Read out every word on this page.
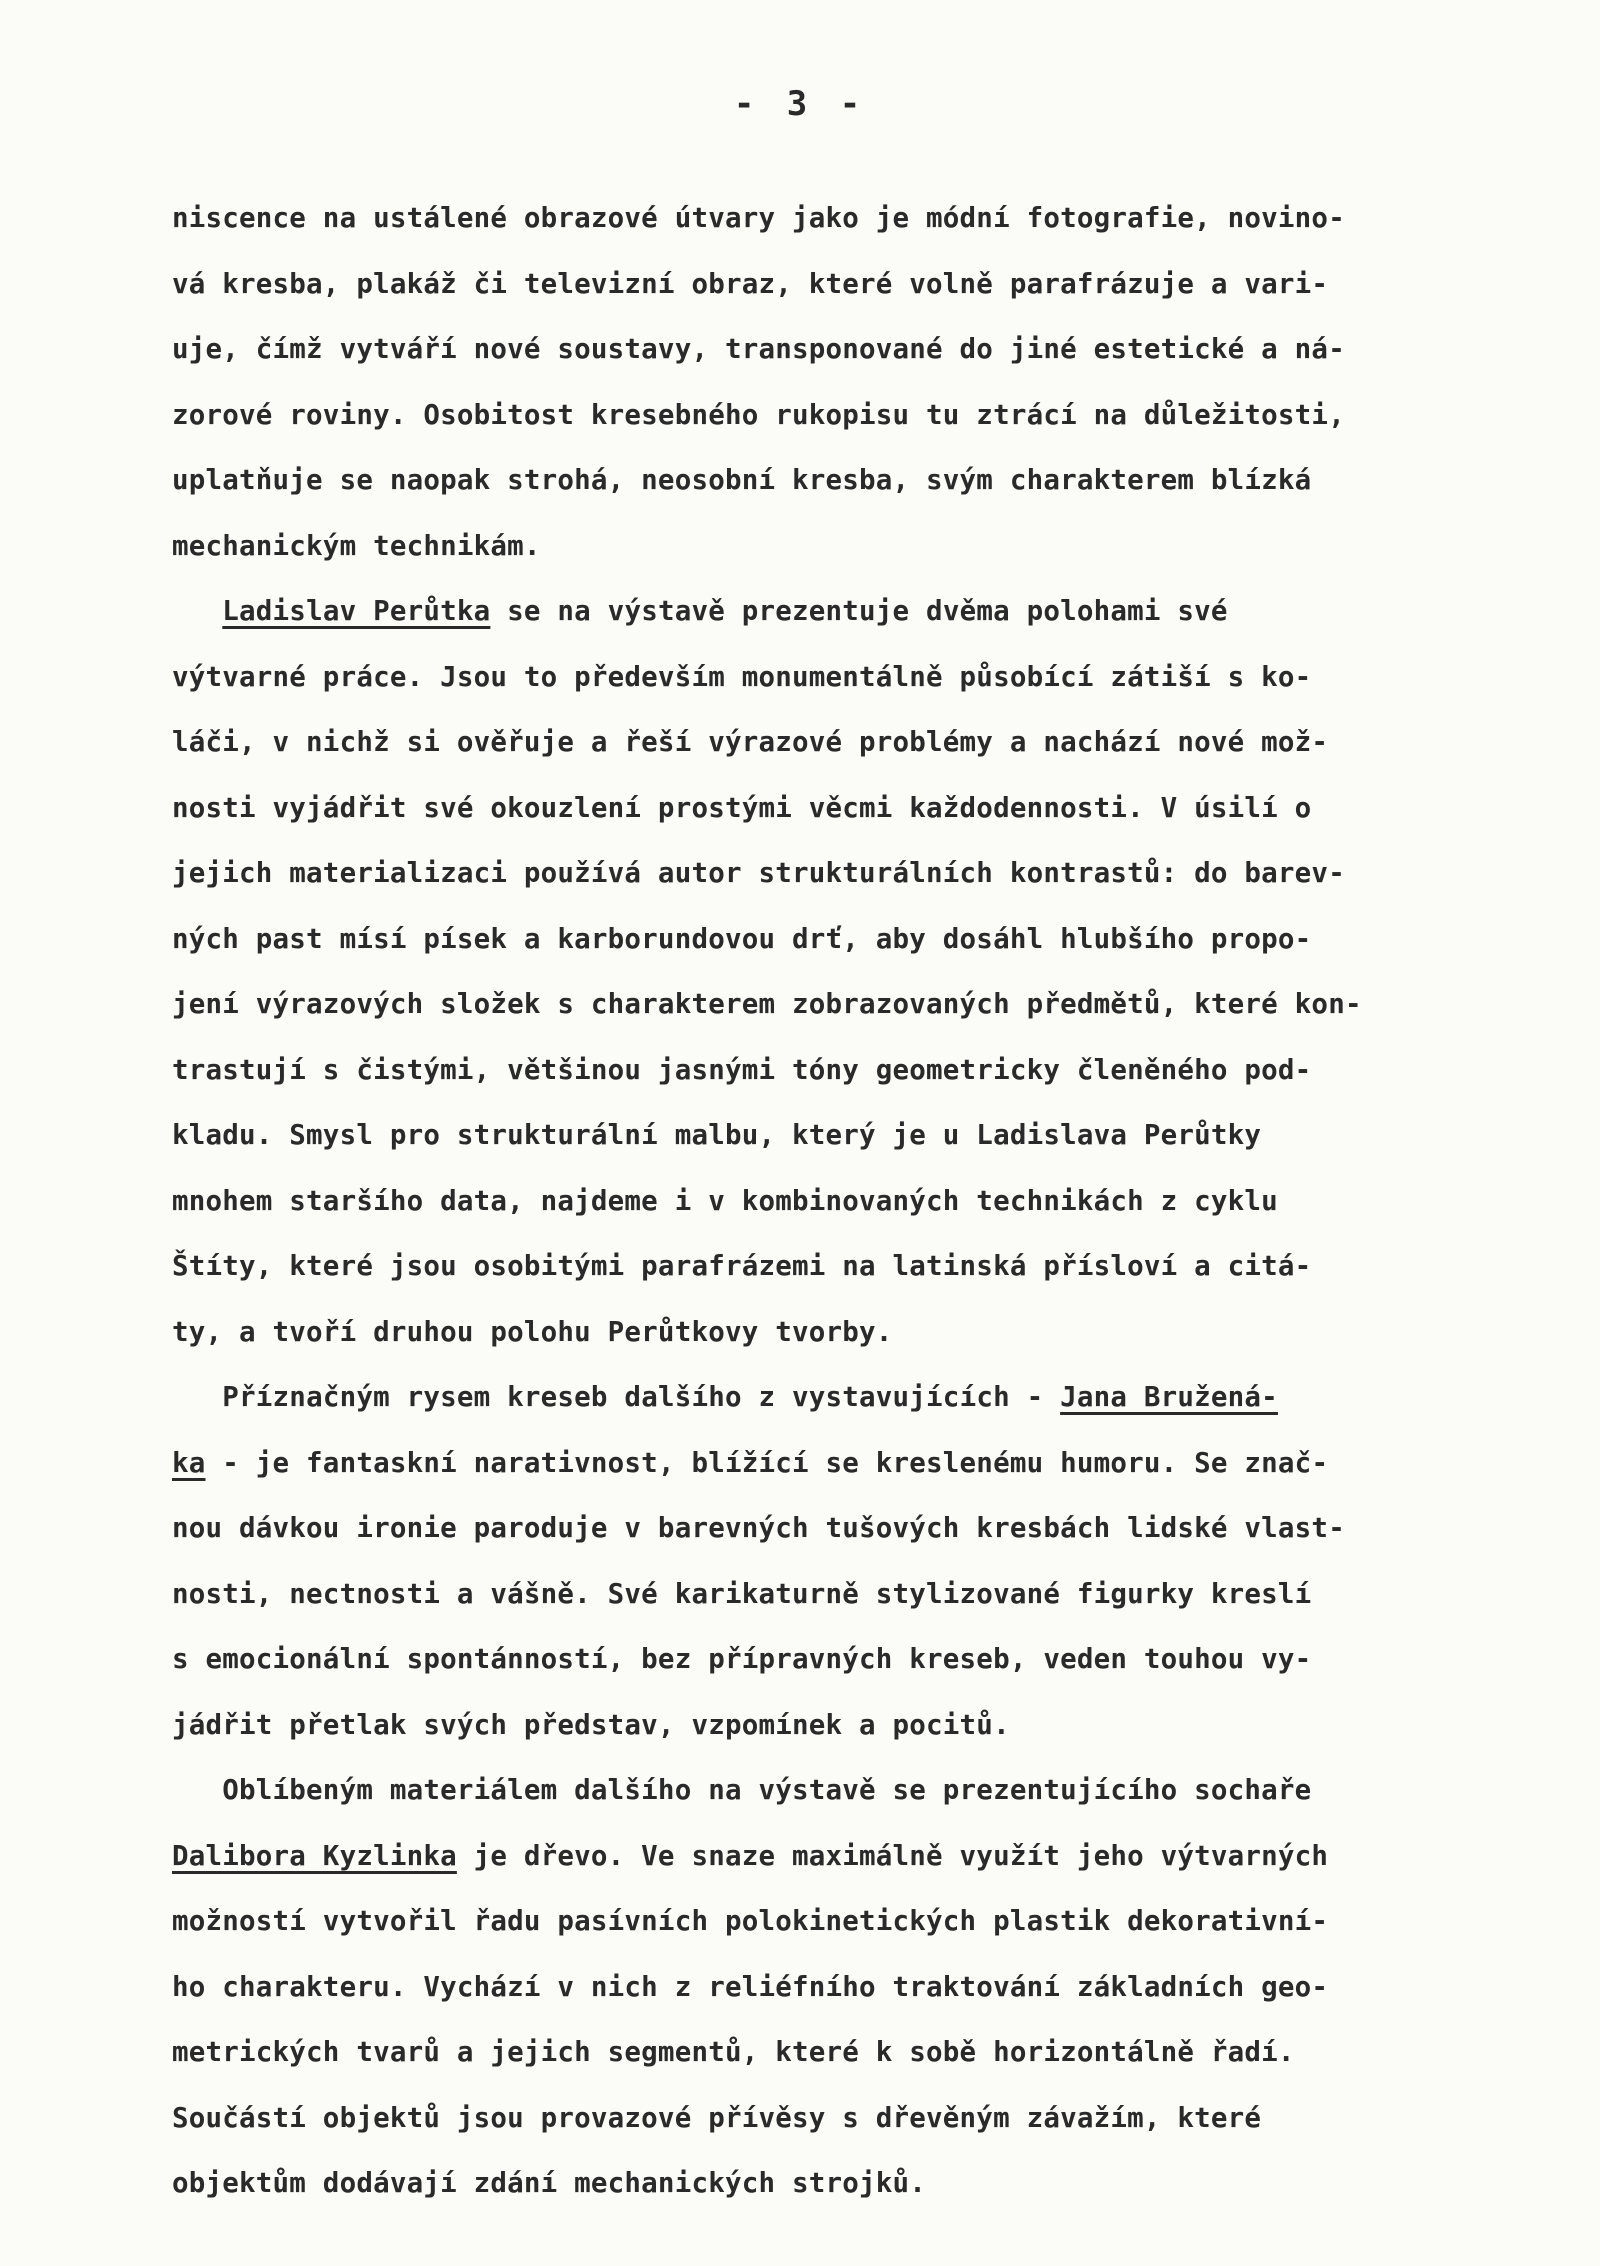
- 3 -
niscence na ustálené obrazové útvary jako je módní fotografie, novino-
vá kresba, plakáž či televizní obraz, které volně parafrázuje a vari-
uje, čímž vytváří nové soustavy, transponované do jiné estetické a ná-
zorové roviny. Osobitost kresebného rukopisu tu ztrácí na důležitosti,
uplatňuje se naopak strohá, neosobní kresba, svým charakterem blízká
mechanickým technikám.
Ladislav Perůtka se na výstavě prezentuje dvěma polohami své
výtvarné práce. Jsou to především monumentálně působící zátiší s ko-
láči, v nichž si ověřuje a řeší výrazové problémy a nachází nové mož-
nosti vyjádřit své okouzlení prostými věcmi každodennosti. V úsilí o
jejich materializaci používá autor strukturálních kontrastů: do barev-
ných past mísí písek a karborundovou drť, aby dosáhl hlubšího propo-
jení výrazových složek s charakterem zobrazovaných předmětů, které kon-
trastují s čistými, většinou jasnými tóny geometricky členěného pod-
kladu. Smysl pro strukturální malbu, který je u Ladislava Perůtky
mnohem staršího data, najdeme i v kombinovaných technikách z cyklu
Štíty, které jsou osobitými parafrázemi na latinská přísloví a citá-
ty, a tvoří druhou polohu Perůtkovy tvorby.
Příznačným rysem kreseb dalšího z vystavujících - Jana Bružená-
ka - je fantaskní narativnost, blížící se kreslenému humoru. Se znač-
nou dávkou ironie paroduje v barevných tušových kresbách lidské vlast-
nosti, nectnosti a vášně. Své karikaturně stylizované figurky kreslí
s emocionální spontánností, bez přípravných kreseb, veden touhou vy-
jádřit přetlak svých představ, vzpomínek a pocitů.
Oblíbeným materiálem dalšího na výstavě se prezentujícího sochaře
Dalibora Kyzlinka je dřevo. Ve snaze maximálně využít jeho výtvarných
možností vytvořil řadu pasívních polokinetických plastik dekorativní-
ho charakteru. Vychází v nich z reliéfního traktování základních geo-
metrických tvarů a jejich segmentů, které k sobě horizontálně řadí.
Součástí objektů jsou provazové přívěsy s dřevěným závažím, které
objektům dodávají zdání mechanických strojků.
